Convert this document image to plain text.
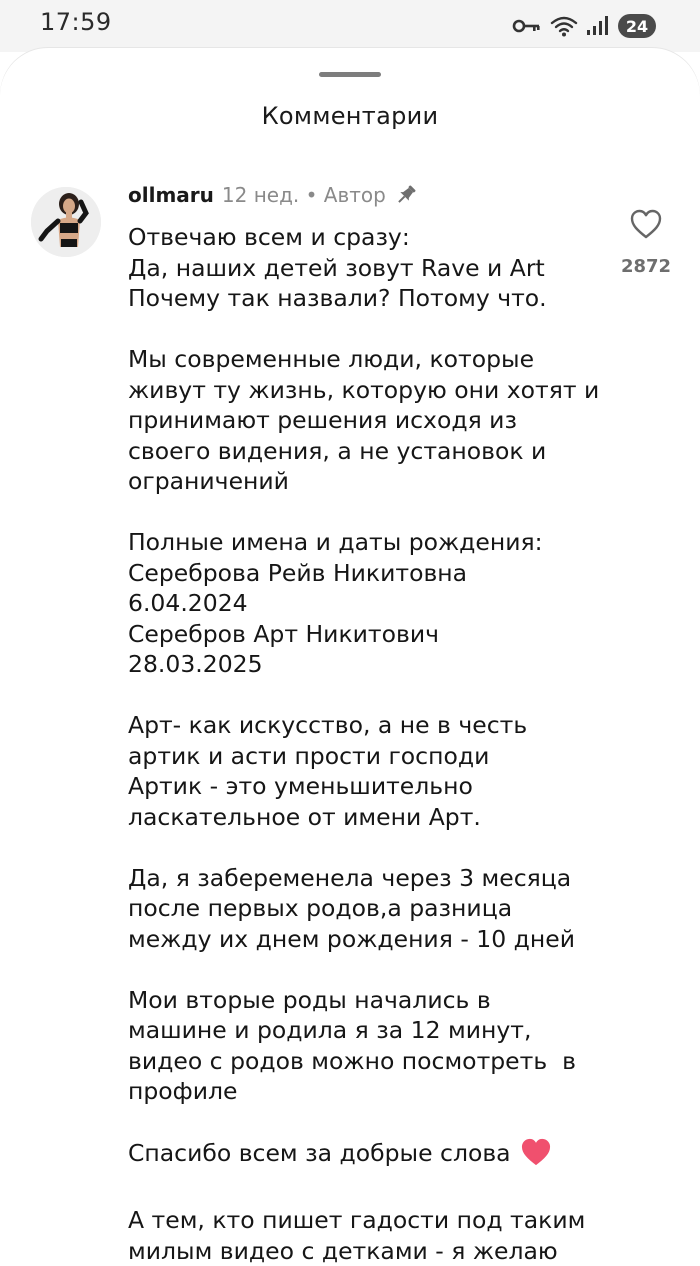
17:59	24
Комментарии
ollmaru 12 нед. • Автор
Отвечаю всем и сразу:
Да, наших детей зовут Rave и Art
Почему так назвали? Потому что.
Мы современные люди, которые
живут ту жизнь, которую они хотят и
принимают решения исходя из
своего видения, а не установок и
ограничений
Полные имена и даты рождения:
Сереброва Рейв Никитовна
6.04.2024
Серебров Арт Никитович
28.03.2025
Арт- как искусство, а не в честь
артик и асти прости господи
Артик - это уменьшительно
ласкательное от имени Арт.
Да, я забеременела через 3 месяца
после первых родов,а разница
между их днем рождения - 10 дней
Мои вторые роды начались в
машине и родила я за 12 минут,
видео с родов можно посмотреть  в
профиле
Спасибо всем за добрые слова
А тем, кто пишет гадости под таким
милым видео с детками - я желаю
2872
